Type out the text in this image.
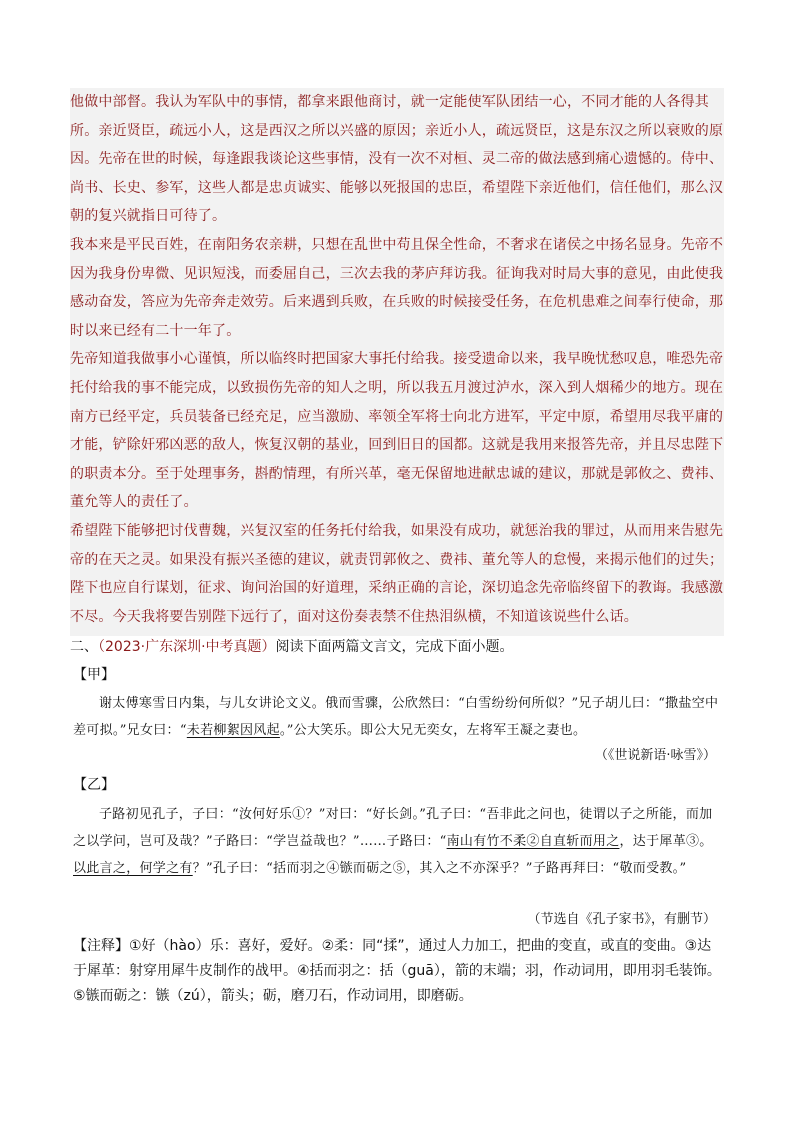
他做中部督。我认为军队中的事情，都拿来跟他商讨，就一定能使军队团结一心，不同才能的人各得其所。亲近贤臣，疏远小人，这是西汉之所以兴盛的原因；亲近小人，疏远贤臣，这是东汉之所以衰败的原因。先帝在世的时候，每逢跟我谈论这些事情，没有一次不对桓、灵二帝的做法感到痛心遗憾的。侍中、尚书、长史、参军，这些人都是忠贞诚实、能够以死报国的忠臣，希望陛下亲近他们，信任他们，那么汉朝的复兴就指日可待了。

我本来是平民百姓，在南阳务农亲耕，只想在乱世中苟且保全性命，不奢求在诸侯之中扬名显身。先帝不因为我身份卑微、见识短浅，而委屈自己，三次去我的茅庐拜访我。征询我对时局大事的意见，由此使我感动奋发，答应为先帝奔走效劳。后来遇到兵败，在兵败的时候接受任务，在危机患难之间奉行使命，那时以来已经有二十一年了。

先帝知道我做事小心谨慎，所以临终时把国家大事托付给我。接受遗命以来，我早晚忧愁叹息，唯恐先帝托付给我的事不能完成，以致损伤先帝的知人之明，所以我五月渡过泸水，深入到人烟稀少的地方。现在南方已经平定，兵员装备已经充足，应当激励、率领全军将士向北方进军，平定中原，希望用尽我平庸的才能，铲除奸邪凶恶的敌人，恢复汉朝的基业，回到旧日的国都。这就是我用来报答先帝，并且尽忠陛下的职责本分。至于处理事务，斟酌情理，有所兴革，毫无保留地进献忠诚的建议，那就是郭攸之、费祎、董允等人的责任了。

希望陛下能够把讨伐曹魏，兴复汉室的任务托付给我，如果没有成功，就惩治我的罪过，从而用来告慰先帝的在天之灵。如果没有振兴圣德的建议，就责罚郭攸之、费祎、董允等人的怠慢，来揭示他们的过失；陛下也应自行谋划，征求、询问治国的好道理，采纳正确的言论，深切追念先帝临终留下的教诲。我感激不尽。今天我将要告别陛下远行了，面对这份奏表禁不住热泪纵横，不知道该说些什么话。

二、（2023·广东深圳·中考真题）阅读下面两篇文言文，完成下面小题。
【甲】

谢太傅寒雪日内集，与儿女讲论文义。俄而雪骤，公欣然曰：“白雪纷纷何所似？”兄子胡儿曰：“撒盐空中差可拟。”兄女曰：“未若柳絮因风起。”公大笑乐。即公大兄无奕女，左将军王凝之妻也。

（《世说新语·咏雪》）
【乙】

子路初见孔子，子曰：“汝何好乐①？”对曰：“好长剑。”孔子曰：“吾非此之问也，徒谓以子之所能，而加之以学问，岂可及哉？”子路曰：“学岂益哉也？”……子路曰：“南山有竹不柔②自直斩而用之，达于犀革③。以此言之，何学之有？”孔子曰：“括而羽之④镞而砺之⑤，其入之不亦深乎？”子路再拜曰：“敬而受教。”

（节选自《孔子家书》，有删节）

【注释】①好（hào）乐：喜好，爱好。②柔：同“揉”，通过人力加工，把曲的变直，或直的变曲。③达于犀革：射穿用犀牛皮制作的战甲。④括而羽之：括（guā），箭的末端；羽，作动词用，即用羽毛装饰。⑤镞而砺之：镞（zú），箭头；砺，磨刀石，作动词用，即磨砺。
